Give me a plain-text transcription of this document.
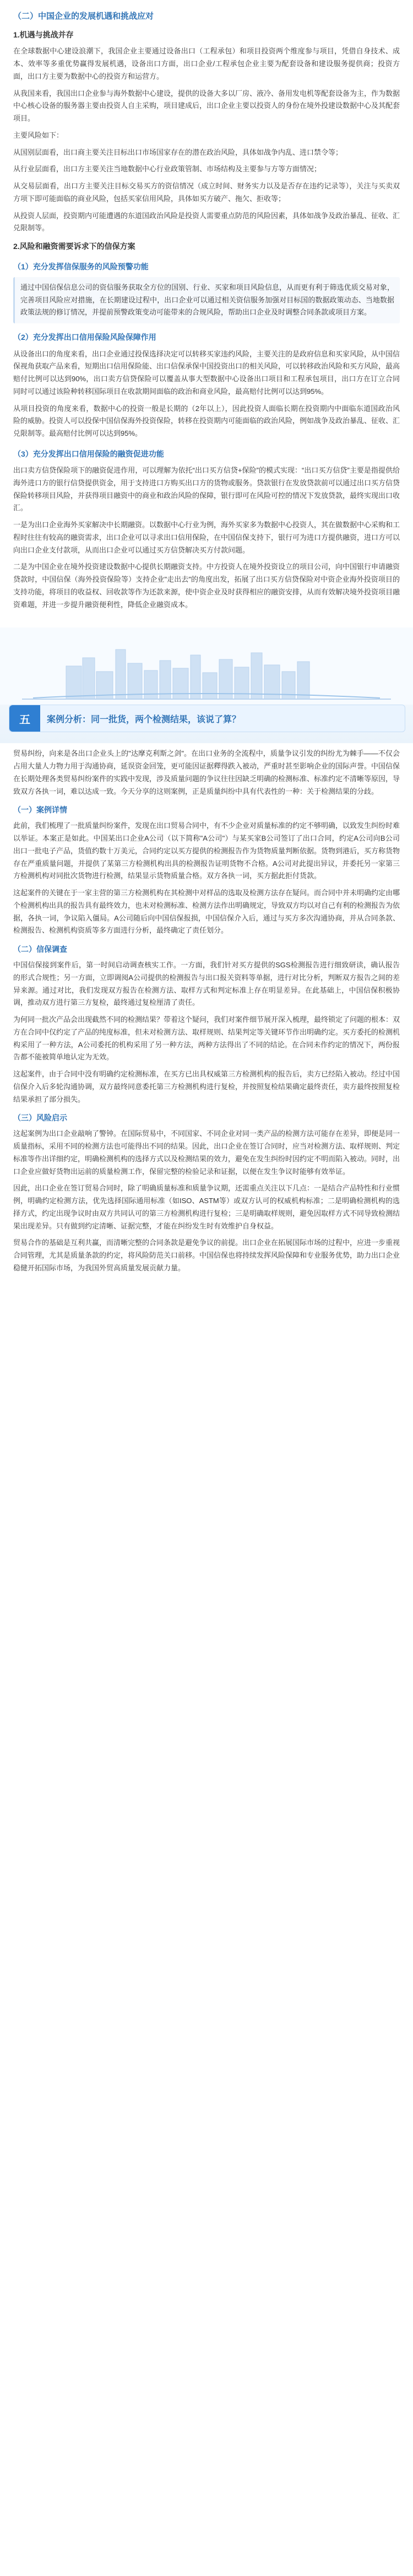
（二）中国企业的发展机遇和挑战应对
1.机遇与挑战并存
在全球数据中心建设浪潮下，我国企业主要通过设备出口（工程承包）和项目投资两个维度参与项目，凭借自身技术、成本、效率等多重优势赢得发展机遇，设备出口方面，出口企业/工程承包企业主要为配套设备和建设服务提供商；投资方面，出口方主要为数据中心的投资方和运营方。
从我国来看，我国出口企业参与海外数据中心建设，提供的设备大多以厂房、液冷、备用发电机等配套设备为主，作为数据中心核心设备的服务器主要由投资人自主采购，项目建成后，出口企业主要以投资人的身份在境外投建设数据中心及其配套项目。
主要风险如下：
从国别层面看，出口商主要关注目标出口市场国家存在的潜在政治风险，具体如战争内乱、进口禁令等；
从行业层面看，出口方主要关注当地数据中心行业政策管制、市场结构及主要参与方等方面情况；
从交易层面看，出口方主要关注目标交易买方的资信情况（成立时间、财务实力以及是否存在违约记录等），关注与买卖双方项下即可能面临的商业风险，包括买家信用风险，具体如买方破产、拖欠、拒收等；
从投资人层面，投资期内可能遭遇的东道国政治风险是投资人需要重点防范的风险因素，具体如战争及政治暴乱、征收、汇兑限制等。
2.风险和融资需要诉求下的信保方案
（1）充分发挥信保服务的风险预警功能
通过中国信保信息公司的资信服务获取全方位的国别、行业、买家和项目风险信息，从而更有利于筛选优质交易对象，完善项目风险应对措施，在长期建设过程中，出口企业可以通过相关资信服务加强对目标国的数据政策动态、当地数据政策法规的修订情况，并提前预警政策变动可能带来的合规风险，帮助出口企业及时调整合同条款或项目方案。
（2）充分发挥出口信用保险风险保障作用
从设备出口的角度来看，出口企业通过投保选择决定可以转移买家违约风险，主要关注的是政府信息和买家风险，从中国信保视角获取产品来看，短期出口信用保险能、出口信保承保中国投资出口的相关风险，可以转移政治风险和买方风险，最高赔付比例可以达到90%，出口卖方信贷保险可以覆盖从事大型数据中心设备出口项目和工程承包项目，出口方在订立合同同时可以通过该险种转移国际项目在收款期间面临的政治和商业风险，最高赔付比例可以达到95%。
从项目投资的角度来看，数据中心的投资一般是长期的（2年以上），因此投资人面临长期在投资期内中面临东道国政治风险的威胁。投资人可以投保中国信保海外投资保险，转移在投资期内可能面临的政治风险，例如战争及政治暴乱、征收、汇兑限制等。最高赔付比例可以达到95%。
（3）充分发挥出口信用保险的融资促进功能
出口卖方信贷保险项下的融资促进作用，可以理解为依托“出口买方信贷+保险”的模式实现：“出口买方信贷”主要是指提供给海外进口方的银行信贷提供资金，用于支持进口方购买出口方的货物或服务。贷款银行在发放贷款前可以通过出口买方信贷保险转移项目风险，并获得项目融资中的商业和政治风险的保障，银行即可在风险可控的情况下发放贷款，最终实现出口收汇。
一是为出口企业海外买家解决中长期融资。以数据中心行业为例，海外买家多为数据中心投资人，其在做数据中心采购和工程时往往有较高的融资需求，出口企业可以寻求出口信用保险，在中国信保支持下，银行可为进口方提供融资，进口方可以向出口企业支付款项，从而出口企业可以通过买方信贷解决买方付款问题。
二是为中国企业在境外投资建设数据中心提供长期融资支持。中方投资人在境外投资设立的项目公司，向中国银行申请融资贷款时，中国信保（海外投资保险等）支持企业"走出去"的角度出发，拓展了出口买方信贷保险对中资企业海外投资项目的支持功能，将项目的收益权、回收款等作为还款来源，使中资企业及时获得相应的融资安排，从而有效解决境外投资项目融资难题，并进一步提升融资便利性，降低企业融资成本。
五	案例分析：同一批货，两个检测结果，该说了算？
贸易纠纷，向来是各出口企业头上的"达摩克利斯之剑"。在出口业务的全流程中，质量争议引发的纠纷尤为棘手——不仅会占用大量人力物力用于沟通协商，延误资金回笼，更可能因证据釋得跌入被动，严重时甚至影响企业的国际声誉。中国信保在长期处理各类贸易纠纷案件的实践中发现，涉及质量问题的争议往往因缺乏明确的检测标准、标准约定不清晰等原因，导致双方各执一词，难以达成一致。今天分享的这则案例，正是质量纠纷中具有代表性的一种：关于检测结果的分歧。
（一）案例详情
此前，我们梳理了一批质量纠纷案件，发现在出口贸易合同中，有不少企业对质量标准的约定不够明确，以致发生纠纷时难以举证。本案正是如此。中国某出口企业A公司（以下简称"A公司"）与某买家B公司签订了出口合同，约定A公司向B公司出口一批电子产品，货值约数十万美元，合同约定以买方提供的检测报告作为货物质量判断依据。货物到港后，买方称货物存在严重质量问题，并提供了某第三方检测机构出具的检测报告证明货物不合格。A公司对此提出异议，并委托另一家第三方检测机构对同批次货物进行检测，结果显示货物质量合格。双方各执一词，买方据此拒付货款。
这起案件的关键在于一家主营的第三方检测机构在其检测中对样品的选取及检测方法存在疑问。而合同中并未明确约定由哪个检测机构出具的报告具有最终效力，也未对检测标准、检测方法作出明确规定，导致双方均以对自己有利的检测报告为依据，各执一词，争议陷入僵局。A公司随后向中国信保报损，中国信保介入后，通过与买方多次沟通协商，并从合同条款、检测报告、检测机构资质等多方面进行分析，最终确定了责任划分。
（二）信保调查
中国信保接到案件后，第一时间启动调查核实工作。一方面，我们针对买方提供的SGS检测报告进行细致研读，确认报告的形式合规性；另一方面，立即调阅A公司提供的检测报告与出口报关资料等单据，进行对比分析，判断双方报告之间的差异来源。通过对比，我们发现双方报告在检测方法、取样方式和判定标准上存在明显差异。在此基础上，中国信保积极协调，推动双方进行第三方复检，最终通过复检厘清了责任。
为何同一批次产品会出现截然不同的检测结果？带着这个疑问，我们对案件细节展开深入梳理，最终锁定了问题的根本：双方在合同中仅约定了产品的纯度标准，但未对检测方法、取样规则、结果判定等关键环节作出明确约定。买方委托的检测机构采用了一种方法，A公司委托的机构采用了另一种方法，两种方法得出了不同的结论。在合同未作约定的情况下，两份报告都不能被简单地认定为无效。
这起案件，由于合同中没有明确约定检测标准，在买方已出具权威第三方检测机构的报告后，卖方已经陷入被动。经过中国信保介入后多轮沟通协调，双方最终同意委托第三方检测机构进行复检，并按照复检结果确定最终责任，卖方最终按照复检结果承担了部分损失。
（三）风险启示
这起案例为出口企业敲响了警钟。在国际贸易中，不同国家、不同企业对同一类产品的检测方法可能存在差异，即便是同一质量指标，采用不同的检测方法也可能得出不同的结果。因此，出口企业在签订合同时，应当对检测方法、取样规则、判定标准等作出详细约定，明确检测机构的选择方式以及检测结果的效力，避免在发生纠纷时因约定不明而陷入被动。同时，出口企业应做好货物出运前的质量检测工作，保留完整的检验记录和证据，以便在发生争议时能够有效举证。
因此，出口企业在签订贸易合同时，除了明确质量标准和质量争议期，还需重点关注以下几点：一是结合产品特性和行业惯例，明确约定检测方法，优先选择国际通用标准（如ISO、ASTM等）或双方认可的权威机构标准；二是明确检测机构的选择方式，约定出现争议时由双方共同认可的第三方检测机构进行复检；三是明确取样规则，避免因取样方式不同导致检测结果出现差异。只有做到约定清晰、证据完整，才能在纠纷发生时有效维护自身权益。
贸易合作的基础是互利共赢，而清晰完整的合同条款是避免争议的前提。出口企业在拓展国际市场的过程中，应进一步重视合同管理，尤其是质量条款的约定，将风险防范关口前移。中国信保也将持续发挥风险保障和专业服务优势，助力出口企业稳健开拓国际市场，为我国外贸高质量发展贡献力量。
